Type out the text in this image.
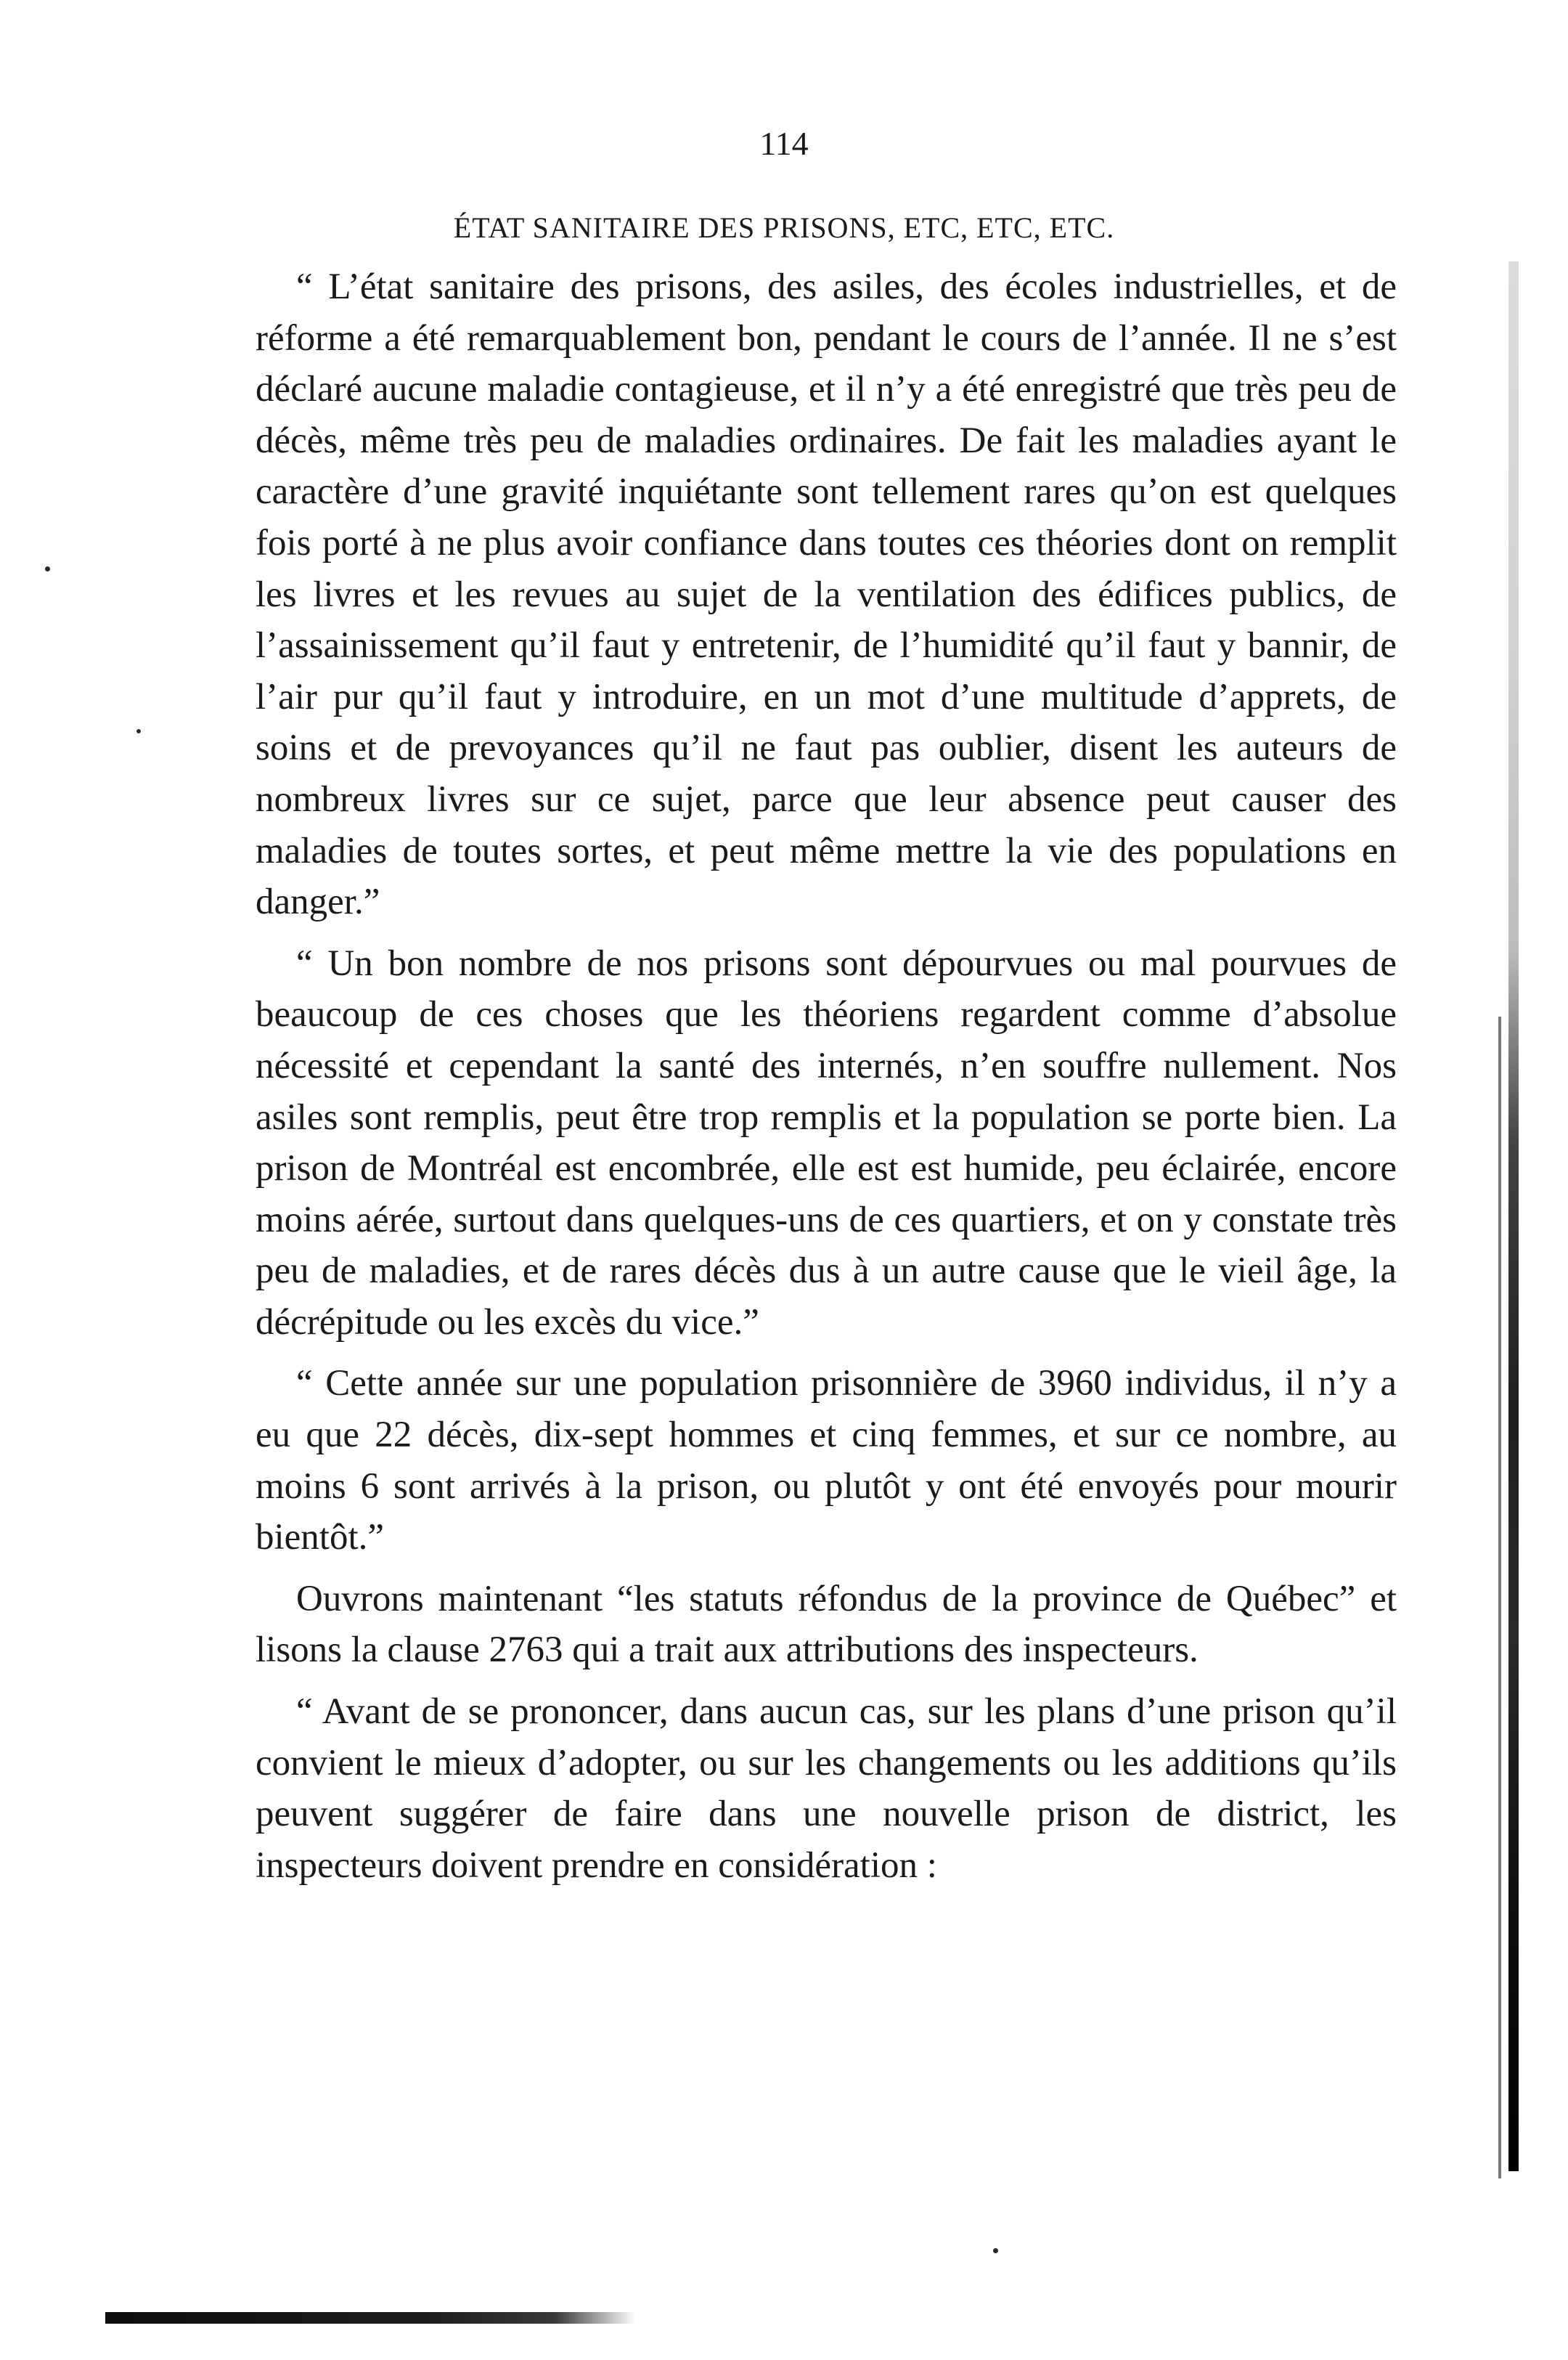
114
ÉTAT SANITAIRE DES PRISONS, ETC, ETC, ETC.

“ L’état sanitaire des prisons, des asiles, des écoles industrielles, et de réforme a été remarquablement bon, pendant le cours de l’année. Il ne s’est déclaré aucune maladie contagieuse, et il n’y a été enregistré que très peu de décès, même très peu de maladies ordinaires. De fait les maladies ayant le caractère d’une gravité inquiétante sont tellement rares qu’on est quelques fois porté à ne plus avoir confiance dans toutes ces théories dont on remplit les livres et les revues au sujet de la ventilation des édifices publics, de l’assainissement qu’il faut y entretenir, de l’humidité qu’il faut y bannir, de l’air pur qu’il faut y introduire, en un mot d’une multitude d’apprets, de soins et de prevoyances qu’il ne faut pas oublier, disent les auteurs de nombreux livres sur ce sujet, parce que leur absence peut causer des maladies de toutes sortes, et peut même mettre la vie des populations en danger.”

“ Un bon nombre de nos prisons sont dépourvues ou mal pourvues de beaucoup de ces choses que les théoriens regardent comme d’absolue nécessité et cependant la santé des internés, n’en souffre nullement. Nos asiles sont remplis, peut être trop remplis et la population se porte bien. La prison de Montréal est encombrée, elle est est humide, peu éclairée, encore moins aérée, surtout dans quelques-uns de ces quartiers, et on y constate très peu de maladies, et de rares décès dus à un autre cause que le vieil âge, la décrépitude ou les excès du vice.”

“ Cette année sur une population prisonnière de 3960 individus, il n’y a eu que 22 décès, dix-sept hommes et cinq femmes, et sur ce nombre, au moins 6 sont arrivés à la prison, ou plutôt y ont été envoyés pour mourir bientôt.”

Ouvrons maintenant “les statuts réfondus de la province de Québec” et lisons la clause 2763 qui a trait aux attributions des inspecteurs.

“ Avant de se prononcer, dans aucun cas, sur les plans d’une prison qu’il convient le mieux d’adopter, ou sur les changements ou les additions qu’ils peuvent suggérer de faire dans une nouvelle prison de district, les inspecteurs doivent prendre en considération :
